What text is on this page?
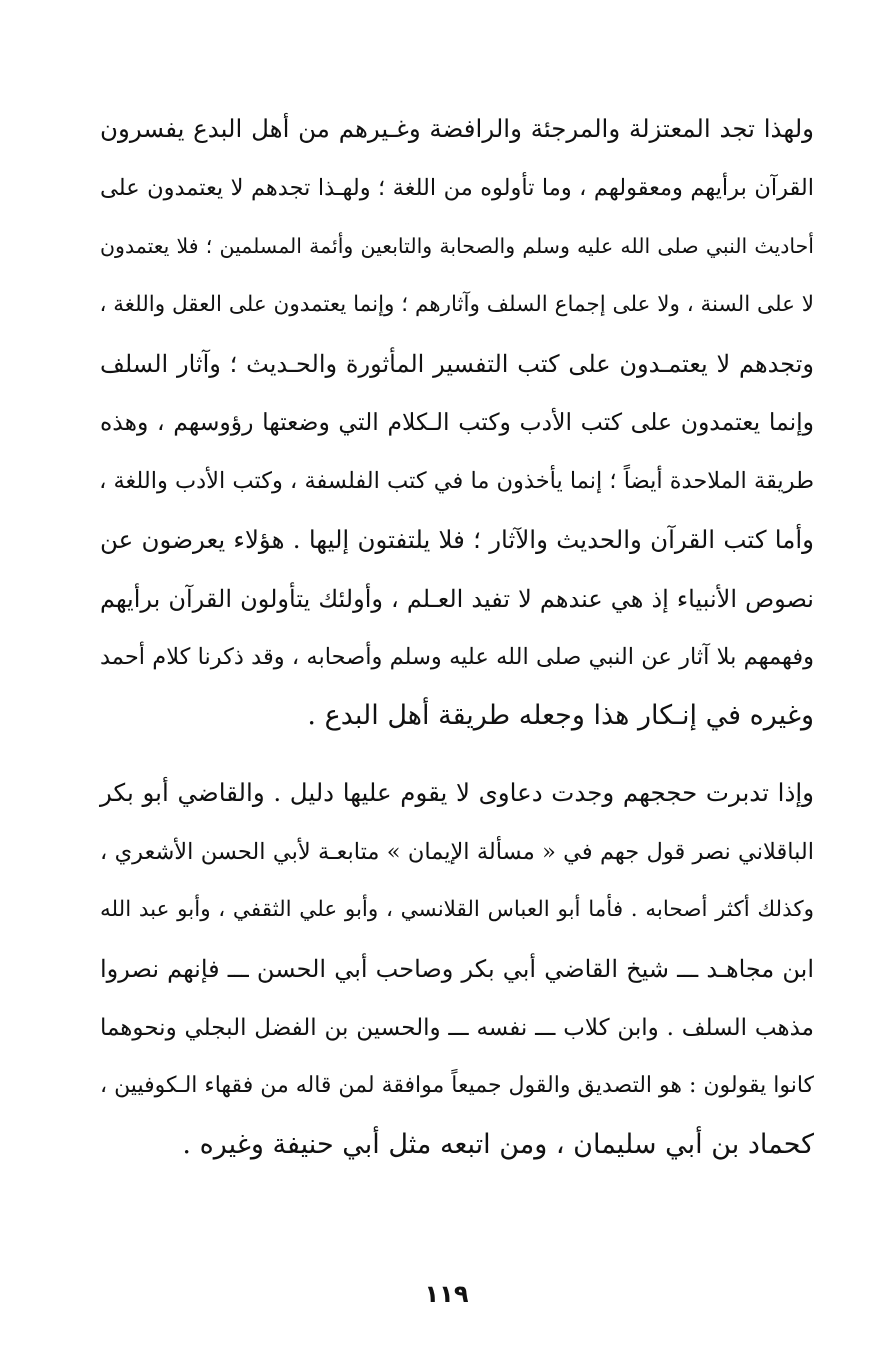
ولهذا تجد المعتزلة والمرجئة والرافضة وغـيرهم من أهل البدع يفسرون
القرآن برأيهم ومعقولهم ، وما تأولوه من اللغة ؛ ولهـذا تجدهم لا يعتمدون على
أحاديث النبي صلى الله عليه وسلم والصحابة والتابعين وأئمة المسلمين ؛ فلا يعتمدون
لا على السنة ، ولا على إجماع السلف وآثارهم ؛ وإنما يعتمدون على العقل واللغة ،
وتجدهم لا يعتمـدون على كتب التفسير المأثورة والحـديث ؛ وآثار السلف
وإنما يعتمدون على كتب الأدب وكتب الـكلام التي وضعتها رؤوسهم ، وهذه
طريقة الملاحدة أيضاً ؛ إنما يأخذون ما في كتب الفلسفة ، وكتب الأدب واللغة ،
وأما كتب القرآن والحديث والآثار ؛ فلا يلتفتون إليها . هؤلاء يعرضون عن
نصوص الأنبياء إذ هي عندهم لا تفيد العـلم ، وأولئك يتأولون القرآن برأيهم
وفهمهم بلا آثار عن النبي صلى الله عليه وسلم وأصحابه ، وقد ذكرنا كلام أحمد
وغيره في إنـكار هذا وجعله طريقة أهل البدع .
وإذا تدبرت حججهم وجدت دعاوى لا يقوم عليها دليل . والقاضي أبو بكر
الباقلاني نصر قول جهم في « مسألة الإيمان » متابعـة لأبي الحسن الأشعري ،
وكذلك أكثر أصحابه . فأما أبو العباس القلانسي ، وأبو علي الثقفي ، وأبو عبد الله
ابن مجاهـد ـــ شيخ القاضي أبي بكر وصاحب أبي الحسن ـــ فإنهم نصروا
مذهب السلف . وابن كلاب ـــ نفسه ـــ والحسين بن الفضل البجلي ونحوهما
كانوا يقولون : هو التصديق والقول جميعاً موافقة لمن قاله من فقهاء الـكوفيين ،
كحماد بن أبي سليمان ، ومن اتبعه مثل أبي حنيفة وغيره .
١١٩
